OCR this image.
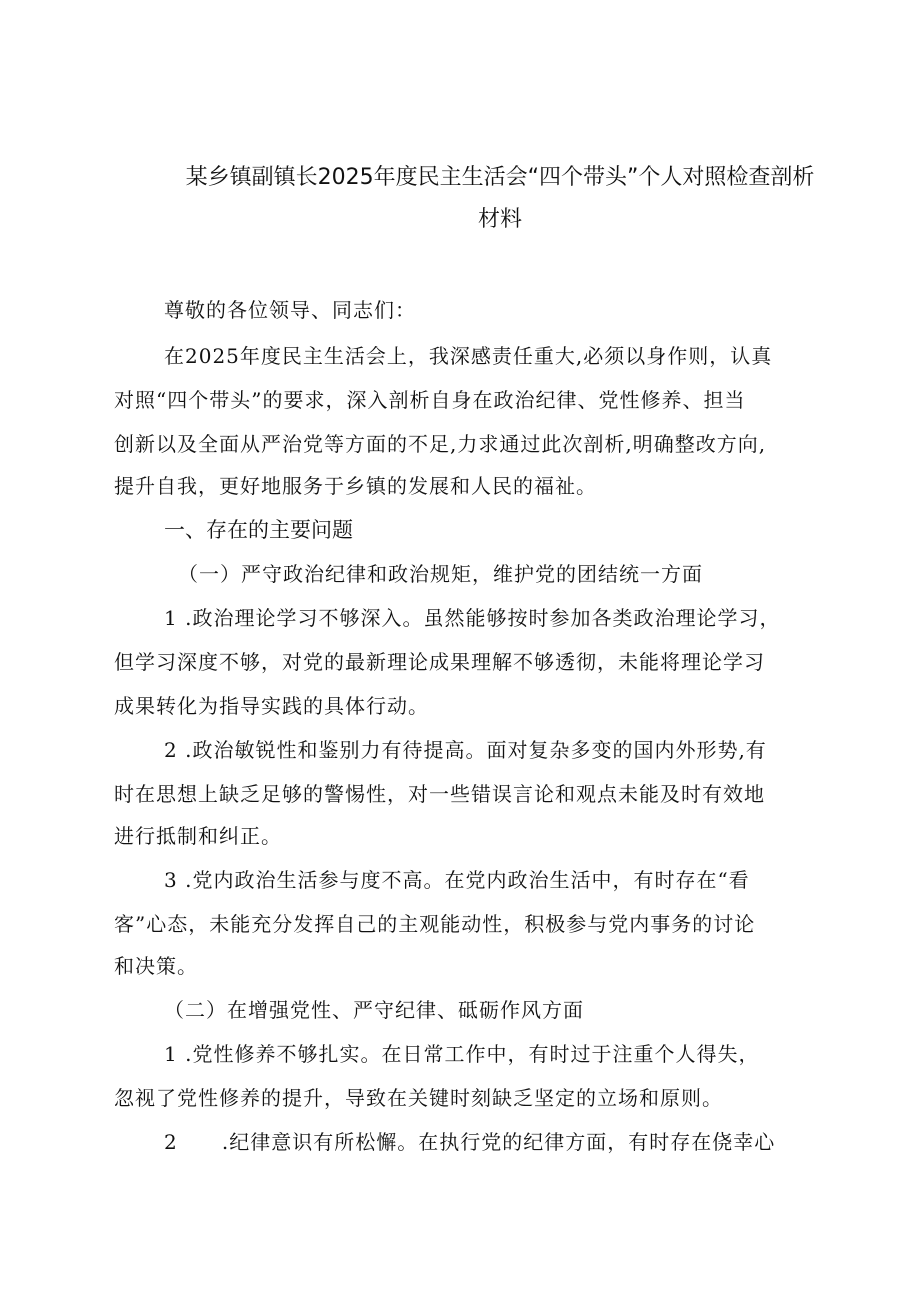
某乡镇副镇长2025年度民主生活会“四个带头”个人对照检查剖析
材料
尊敬的各位领导、同志们：
在2025年度民主生活会上，我深感责任重大,必须以身作则，认真
对照“四个带头”的要求，深入剖析自身在政治纪律、党性修养、担当
创新以及全面从严治党等方面的不足,力求通过此次剖析,明确整改方向,
提升自我，更好地服务于乡镇的发展和人民的福祉。
一、存在的主要问题
（一）严守政治纪律和政治规矩，维护党的团结统一方面
1 .政治理论学习不够深入。虽然能够按时参加各类政治理论学习，
但学习深度不够，对党的最新理论成果理解不够透彻，未能将理论学习
成果转化为指导实践的具体行动。
2 .政治敏锐性和鉴别力有待提高。面对复杂多变的国内外形势,有
时在思想上缺乏足够的警惕性，对一些错误言论和观点未能及时有效地
进行抵制和纠正。
3 .党内政治生活参与度不高。在党内政治生活中，有时存在“看
客”心态，未能充分发挥自己的主观能动性，积极参与党内事务的讨论
和决策。
（二）在增强党性、严守纪律、砥砺作风方面
1 .党性修养不够扎实。在日常工作中，有时过于注重个人得失，
忽视了党性修养的提升，导致在关键时刻缺乏坚定的立场和原则。
2      .纪律意识有所松懈。在执行党的纪律方面，有时存在侥幸心
